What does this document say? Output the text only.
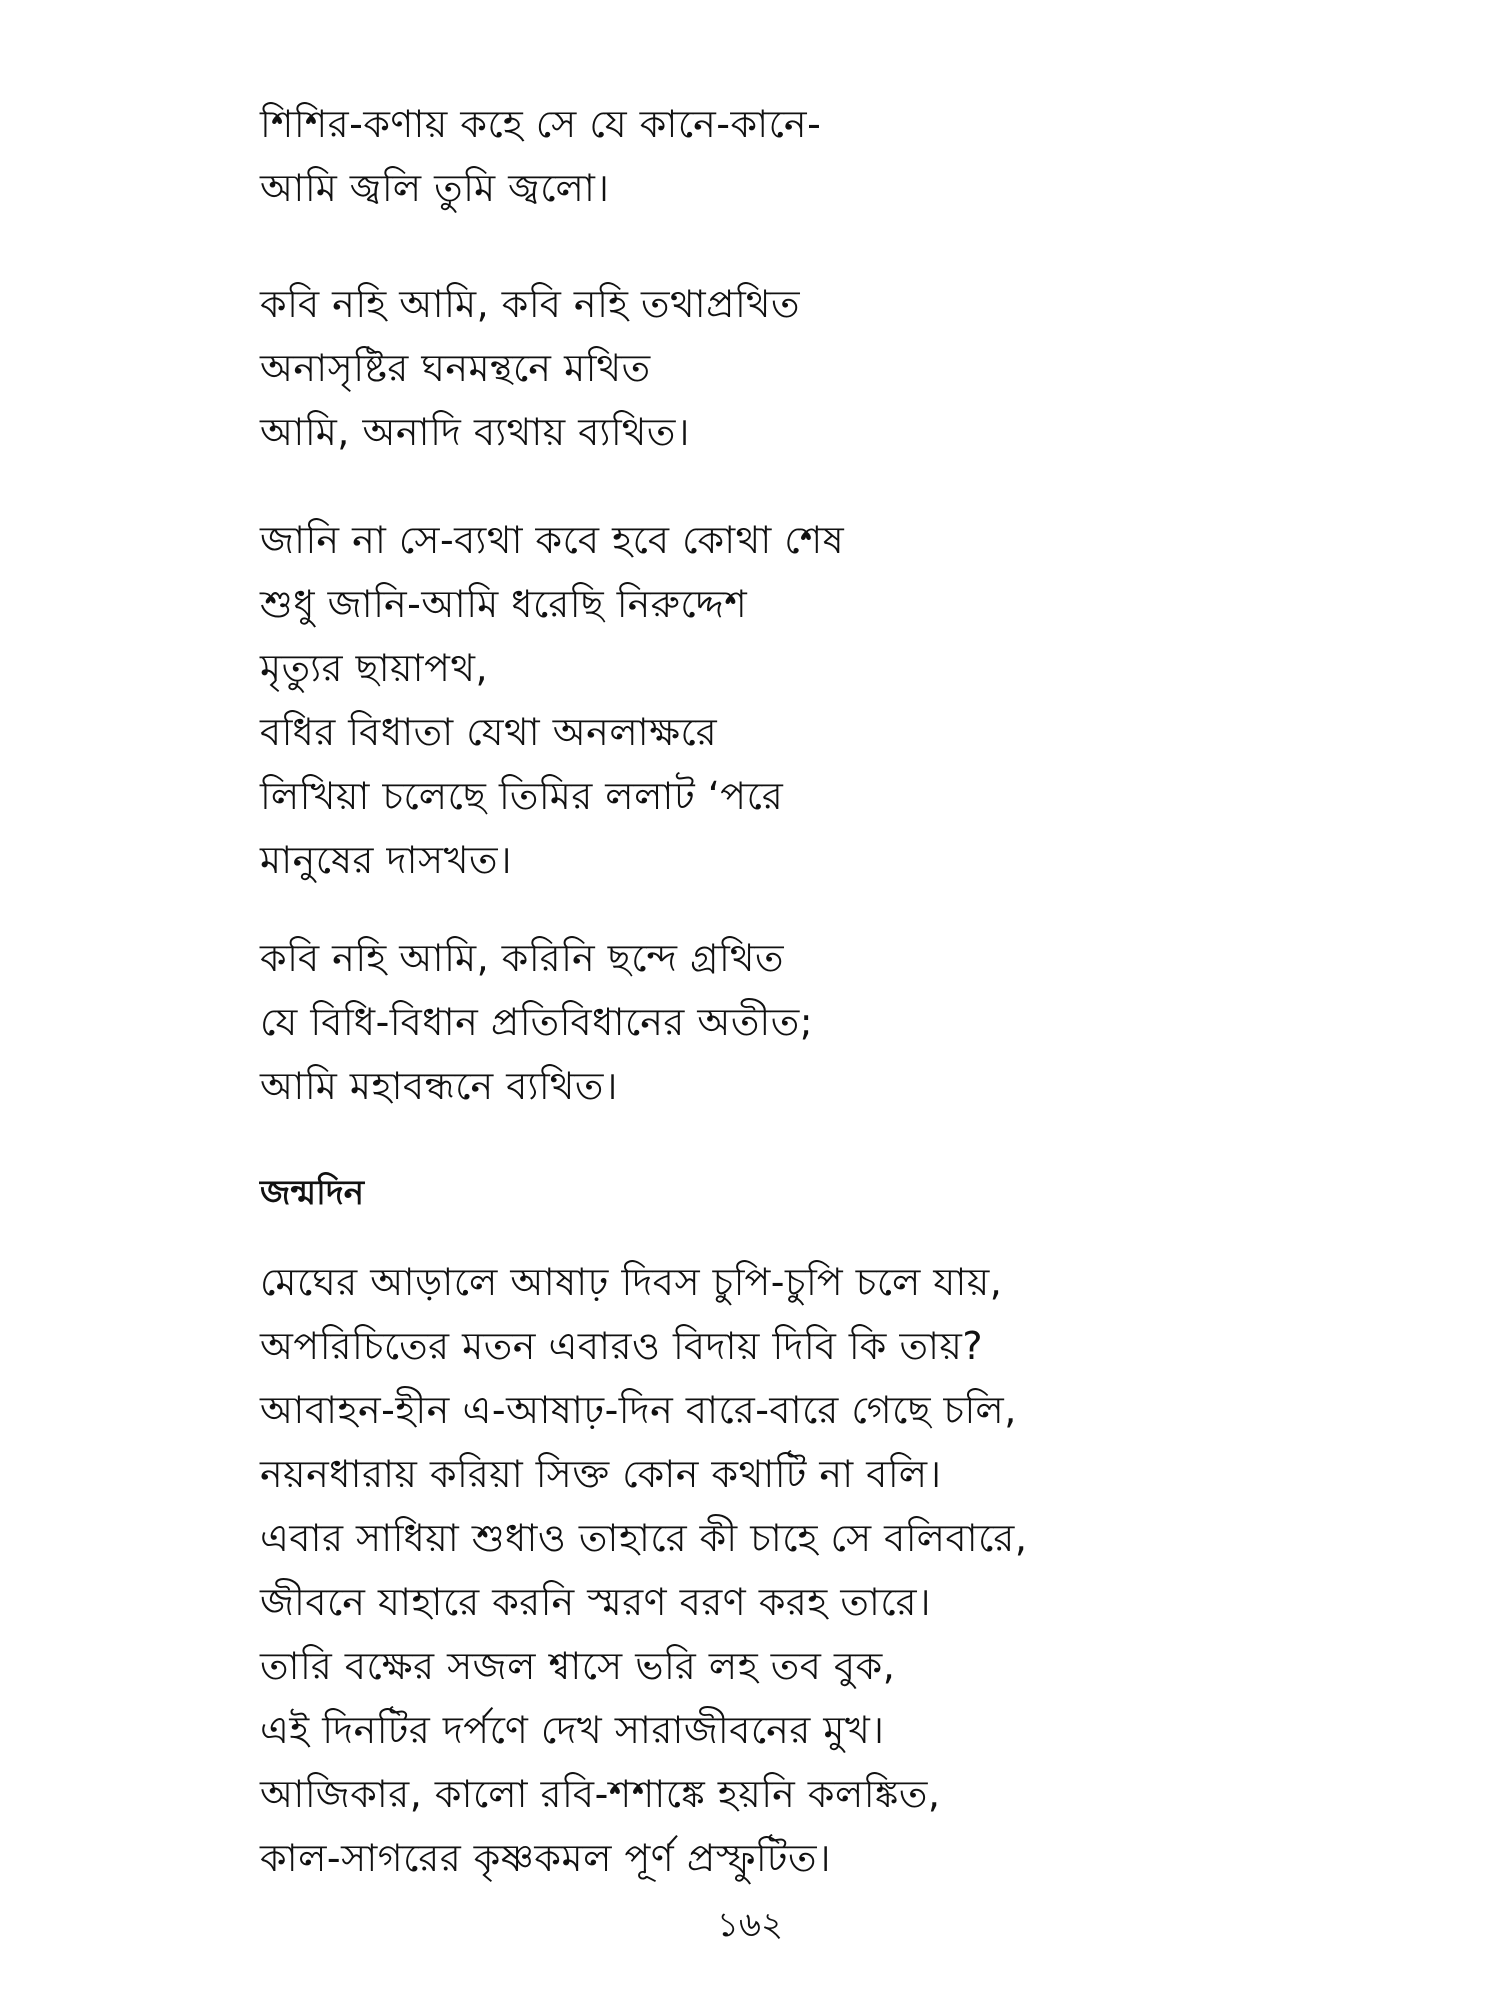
শিশির-কণায় কহে সে যে কানে-কানে-
আমি জ্বলি তুমি জ্বলো।
কবি নহি আমি, কবি নহি তথাপ্রথিত
অনাসৃষ্টির ঘনমন্থনে মথিত
আমি, অনাদি ব্যথায় ব্যথিত।
জানি না সে-ব্যথা কবে হবে কোথা শেষ
শুধু জানি-আমি ধরেছি নিরুদ্দেশ
মৃত্যুর ছায়াপথ,
বধির বিধাতা যেথা অনলাক্ষরে
লিখিয়া চলেছে তিমির ললাট ‘পরে
মানুষের দাসখত।
কবি নহি আমি, করিনি ছন্দে গ্রথিত
যে বিধি-বিধান প্রতিবিধানের অতীত;
আমি মহাবন্ধনে ব্যথিত।
জন্মদিন
মেঘের আড়ালে আষাঢ় দিবস চুপি-চুপি চলে যায়,
অপরিচিতের মতন এবারও বিদায় দিবি কি তায়?
আবাহন-হীন এ-আষাঢ়-দিন বারে-বারে গেছে চলি,
নয়নধারায় করিয়া সিক্ত কোন কথাটি না বলি।
এবার সাধিয়া শুধাও তাহারে কী চাহে সে বলিবারে,
জীবনে যাহারে করনি স্মরণ বরণ করহ তারে।
তারি বক্ষের সজল শ্বাসে ভরি লহ তব বুক,
এই দিনটির দর্পণে দেখ সারাজীবনের মুখ।
আজিকার, কালো রবি-শশাঙ্কে হয়নি কলঙ্কিত,
কাল-সাগরের কৃষ্ণকমল পূর্ণ প্রস্ফুটিত।
১৬২
